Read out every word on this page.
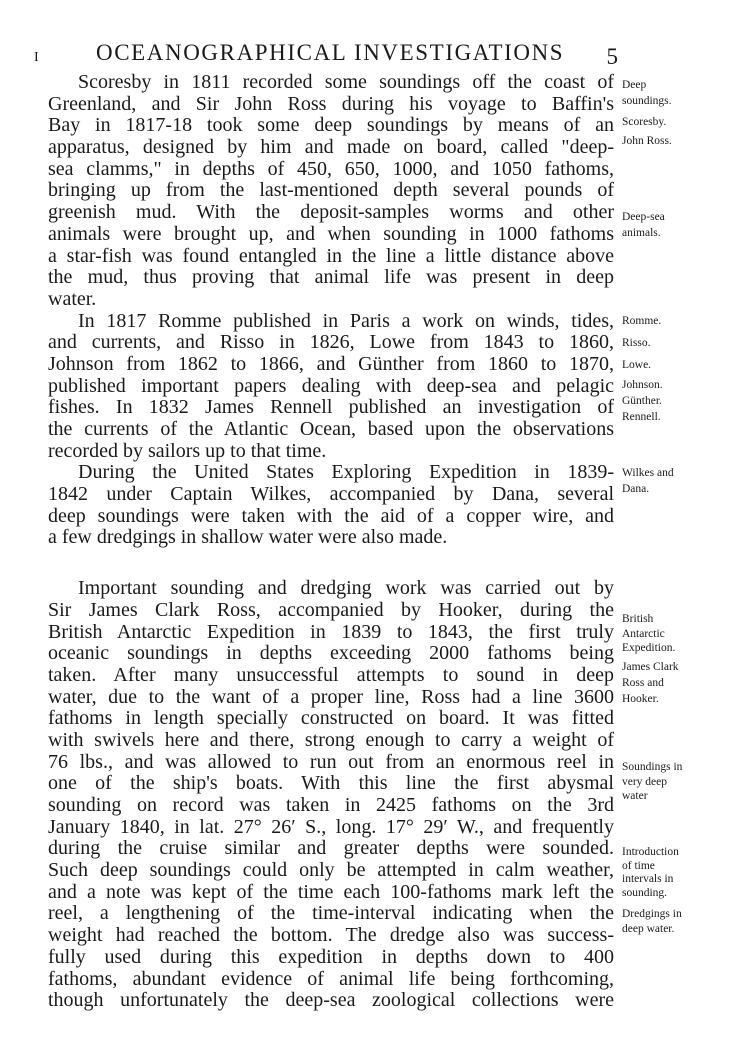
I OCEANOGRAPHICAL INVESTIGATIONS 5
Scoresby in 1811 recorded some soundings off the coast of
Greenland, and Sir John Ross during his voyage to Baffin's
Bay in 1817-18 took some deep soundings by means of an
apparatus, designed by him and made on board, called "deep-
sea clamms," in depths of 450, 650, 1000, and 1050 fathoms,
bringing up from the last-mentioned depth several pounds of
greenish mud. With the deposit-samples worms and other
animals were brought up, and when sounding in 1000 fathoms
a star-fish was found entangled in the line a little distance above
the mud, thus proving that animal life was present in deep
water.
In 1817 Romme published in Paris a work on winds, tides,
and currents, and Risso in 1826, Lowe from 1843 to 1860,
Johnson from 1862 to 1866, and Günther from 1860 to 1870,
published important papers dealing with deep-sea and pelagic
fishes. In 1832 James Rennell published an investigation of
the currents of the Atlantic Ocean, based upon the observations
recorded by sailors up to that time.
During the United States Exploring Expedition in 1839-
1842 under Captain Wilkes, accompanied by Dana, several
deep soundings were taken with the aid of a copper wire, and
a few dredgings in shallow water were also made.
Important sounding and dredging work was carried out by
Sir James Clark Ross, accompanied by Hooker, during the
British Antarctic Expedition in 1839 to 1843, the first truly
oceanic soundings in depths exceeding 2000 fathoms being
taken. After many unsuccessful attempts to sound in deep
water, due to the want of a proper line, Ross had a line 3600
fathoms in length specially constructed on board. It was fitted
with swivels here and there, strong enough to carry a weight of
76 lbs., and was allowed to run out from an enormous reel in
one of the ship's boats. With this line the first abysmal
sounding on record was taken in 2425 fathoms on the 3rd
January 1840, in lat. 27° 26′ S., long. 17° 29′ W., and frequently
during the cruise similar and greater depths were sounded.
Such deep soundings could only be attempted in calm weather,
and a note was kept of the time each 100-fathoms mark left the
reel, a lengthening of the time-interval indicating when the
weight had reached the bottom. The dredge also was success-
fully used during this expedition in depths down to 400
fathoms, abundant evidence of animal life being forthcoming,
though unfortunately the deep-sea zoological collections were
Deep
soundings.
Scoresby.
John Ross.
Deep-sea
animals.
Romme.
Risso.
Lowe.
Johnson.
Günther.
Rennell.
Wilkes and
Dana.
British
Antarctic
Expedition.
James Clark
Ross and
Hooker.
Soundings in
very deep
water
Introduction
of time
intervals in
sounding.
Dredgings in
deep water.
